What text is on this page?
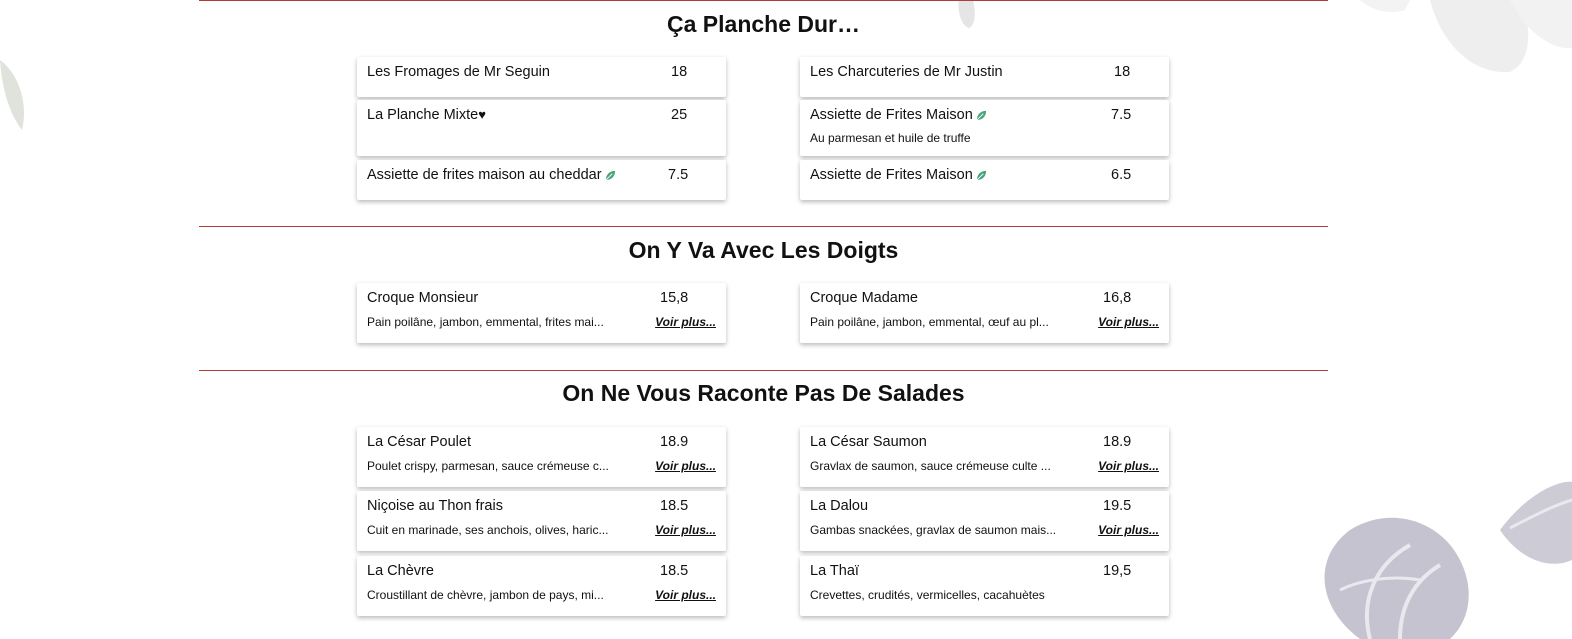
Ça Planche Dur…
Les Fromages de Mr Seguin	18	Les Charcuteries de Mr Justin	18
La Planche Mixte♥	25	Assiette de Frites Maison	7.5
Au parmesan et huile de truffe
Assiette de frites maison au cheddar	7.5	Assiette de Frites Maison	6.5
On Y Va Avec Les Doigts
Croque Monsieur	15,8
Pain poilâne, jambon, emmental, frites mai...	Voir plus...
Croque Madame	16,8
Pain poilâne, jambon, emmental, œuf au pl...	Voir plus...
On Ne Vous Raconte Pas De Salades
La César Poulet	18.9
Poulet crispy, parmesan, sauce crémeuse c...	Voir plus...
La César Saumon	18.9
Gravlax de saumon, sauce crémeuse culte ...	Voir plus...
Niçoise au Thon frais	18.5
Cuit en marinade, ses anchois, olives, haric...	Voir plus...
La Dalou	19.5
Gambas snackées, gravlax de saumon mais...	Voir plus...
La Chèvre	18.5
Croustillant de chèvre, jambon de pays, mi...	Voir plus...
La Thaï	19,5
Crevettes, crudités, vermicelles, cacahuètes
